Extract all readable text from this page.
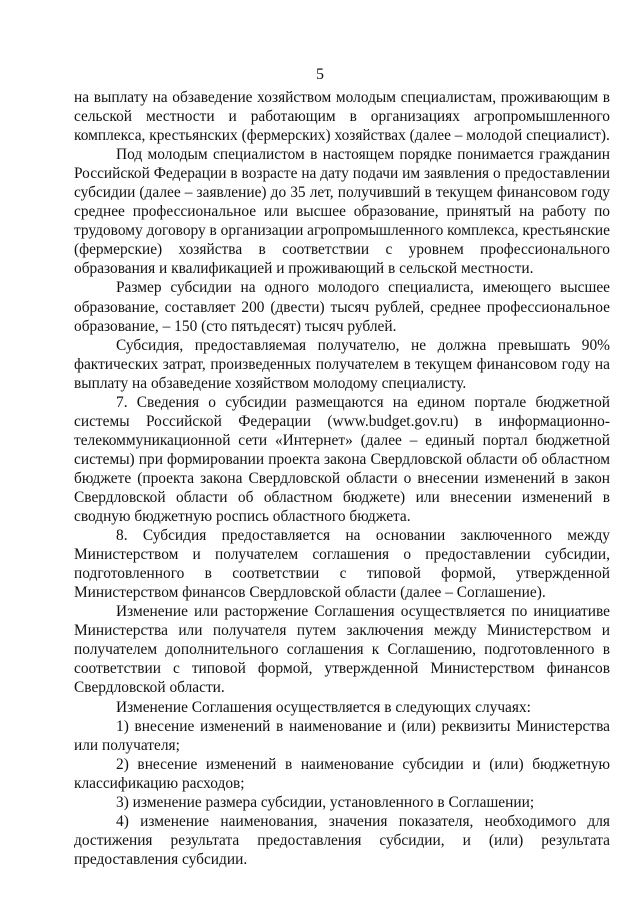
5

на выплату на обзаведение хозяйством молодым специалистам, проживающим в сельской местности и работающим в организациях агропромышленного комплекса, крестьянских (фермерских) хозяйствах (далее – молодой специалист).

Под молодым специалистом в настоящем порядке понимается гражданин Российской Федерации в возрасте на дату подачи им заявления о предоставлении субсидии (далее – заявление) до 35 лет, получивший в текущем финансовом году среднее профессиональное или высшее образование, принятый на работу по трудовому договору в организации агропромышленного комплекса, крестьянские (фермерские) хозяйства в соответствии с уровнем профессионального образования и квалификацией и проживающий в сельской местности.

Размер субсидии на одного молодого специалиста, имеющего высшее образование, составляет 200 (двести) тысяч рублей, среднее профессиональное образование, – 150 (сто пятьдесят) тысяч рублей.

Субсидия, предоставляемая получателю, не должна превышать 90% фактических затрат, произведенных получателем в текущем финансовом году на выплату на обзаведение хозяйством молодому специалисту.

7. Сведения о субсидии размещаются на едином портале бюджетной системы Российской Федерации (www.budget.gov.ru) в информационно-телекоммуникационной сети «Интернет» (далее – единый портал бюджетной системы) при формировании проекта закона Свердловской области об областном бюджете (проекта закона Свердловской области о внесении изменений в закон Свердловской области об областном бюджете) или внесении изменений в сводную бюджетную роспись областного бюджета.

8. Субсидия предоставляется на основании заключенного между Министерством и получателем соглашения о предоставлении субсидии, подготовленного в соответствии с типовой формой, утвержденной Министерством финансов Свердловской области (далее – Соглашение).

Изменение или расторжение Соглашения осуществляется по инициативе Министерства или получателя путем заключения между Министерством и получателем дополнительного соглашения к Соглашению, подготовленного в соответствии с типовой формой, утвержденной Министерством финансов Свердловской области.

Изменение Соглашения осуществляется в следующих случаях:

1) внесение изменений в наименование и (или) реквизиты Министерства или получателя;

2) внесение изменений в наименование субсидии и (или) бюджетную классификацию расходов;

3) изменение размера субсидии, установленного в Соглашении;

4) изменение наименования, значения показателя, необходимого для достижения результата предоставления субсидии, и (или) результата предоставления субсидии.
